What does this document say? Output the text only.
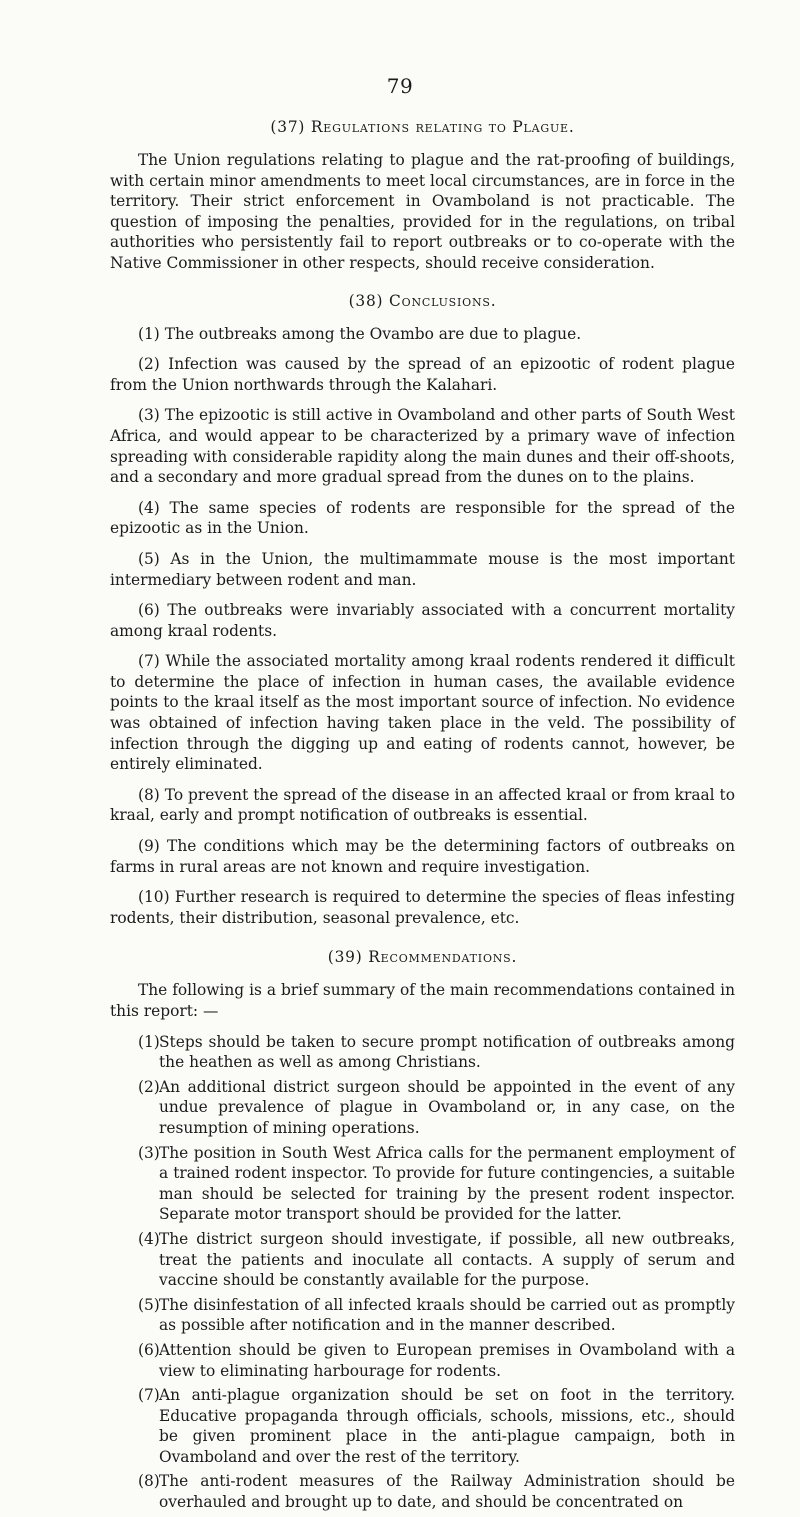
79
(37) Regulations relating to Plague.

The Union regulations relating to plague and the rat-proofing of buildings, with certain minor amendments to meet local circumstances, are in force in the territory. Their strict enforcement in Ovamboland is not practicable. The question of imposing the penalties, provided for in the regulations, on tribal authorities who persistently fail to report outbreaks or to co-operate with the Native Commissioner in other respects, should receive consideration.

(38) Conclusions.

(1) The outbreaks among the Ovambo are due to plague.

(2) Infection was caused by the spread of an epizootic of rodent plague from the Union northwards through the Kalahari.

(3) The epizootic is still active in Ovamboland and other parts of South West Africa, and would appear to be characterized by a primary wave of infection spreading with considerable rapidity along the main dunes and their off-shoots, and a secondary and more gradual spread from the dunes on to the plains.

(4) The same species of rodents are responsible for the spread of the epizootic as in the Union.

(5) As in the Union, the multimammate mouse is the most important intermediary between rodent and man.

(6) The outbreaks were invariably associated with a concurrent mortality among kraal rodents.

(7) While the associated mortality among kraal rodents rendered it difficult to determine the place of infection in human cases, the available evidence points to the kraal itself as the most important source of infection. No evidence was obtained of infection having taken place in the veld. The possibility of infection through the digging up and eating of rodents cannot, however, be entirely eliminated.

(8) To prevent the spread of the disease in an affected kraal or from kraal to kraal, early and prompt notification of outbreaks is essential.

(9) The conditions which may be the determining factors of outbreaks on farms in rural areas are not known and require investigation.

(10) Further research is required to determine the species of fleas infesting rodents, their distribution, seasonal prevalence, etc.

(39) Recommendations.

The following is a brief summary of the main recommendations contained in this report: —

(1) Steps should be taken to secure prompt notification of outbreaks among the heathen as well as among Christians.
(2) An additional district surgeon should be appointed in the event of any undue prevalence of plague in Ovamboland or, in any case, on the resumption of mining operations.
(3) The position in South West Africa calls for the permanent employment of a trained rodent inspector. To provide for future contingencies, a suitable man should be selected for training by the present rodent inspector. Separate motor transport should be provided for the latter.
(4) The district surgeon should investigate, if possible, all new outbreaks, treat the patients and inoculate all contacts. A supply of serum and vaccine should be constantly available for the purpose.
(5) The disinfestation of all infected kraals should be carried out as promptly as possible after notification and in the manner described.
(6) Attention should be given to European premises in Ovamboland with a view to eliminating harbourage for rodents.
(7) An anti-plague organization should be set on foot in the territory. Educative propaganda through officials, schools, missions, etc., should be given prominent place in the anti-plague campaign, both in Ovamboland and over the rest of the territory.
(8) The anti-rodent measures of the Railway Administration should be overhauled and brought up to date, and should be concentrated on
